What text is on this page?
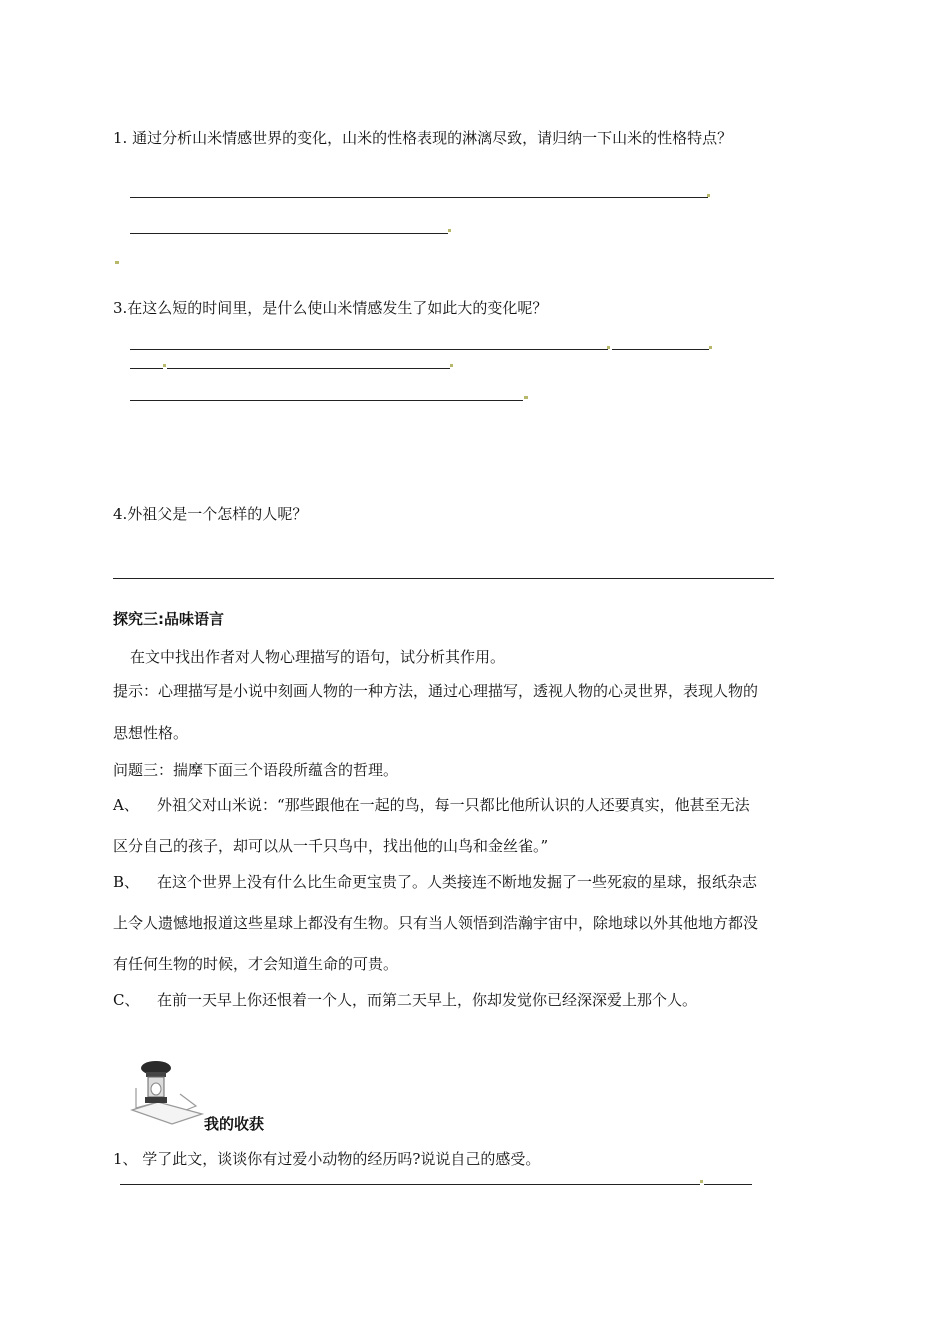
1. 通过分析山米情感世界的变化，山米的性格表现的淋漓尽致，请归纳一下山米的性格特点？
3.在这么短的时间里，是什么使山米情感发生了如此大的变化呢？
4.外祖父是一个怎样的人呢？
探究三:品味语言
在文中找出作者对人物心理描写的语句，试分析其作用。
提示：心理描写是小说中刻画人物的一种方法，通过心理描写，透视人物的心灵世界，表现人物的
思想性格。
问题三：揣摩下面三个语段所蕴含的哲理。
A、 外祖父对山米说：“那些跟他在一起的鸟，每一只都比他所认识的人还要真实，他甚至无法
区分自己的孩子，却可以从一千只鸟中，找出他的山鸟和金丝雀。”
B、 在这个世界上没有什么比生命更宝贵了。人类接连不断地发掘了一些死寂的星球，报纸杂志
上令人遗憾地报道这些星球上都没有生物。只有当人领悟到浩瀚宇宙中，除地球以外其他地方都没
有任何生物的时候，才会知道生命的可贵。
C、 在前一天早上你还恨着一个人，而第二天早上，你却发觉你已经深深爱上那个人。
我的收获
1、 学了此文，谈谈你有过爱小动物的经历吗?说说自己的感受。
